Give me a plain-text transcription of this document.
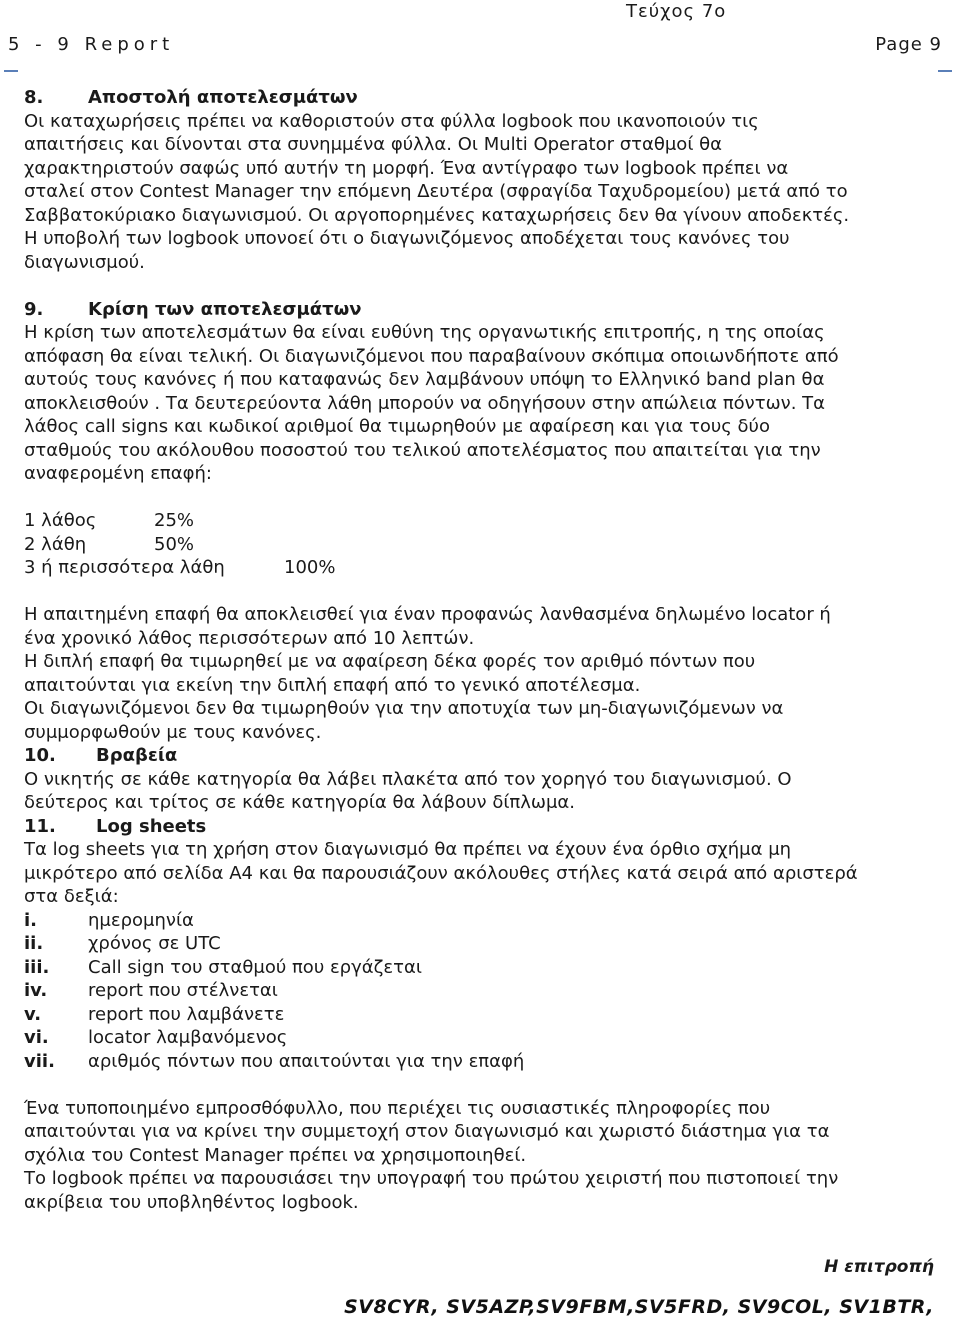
Τεύχος 7ο
5 - 9 Report	Page 9
8. Αποστολή αποτελεσμάτων

Οι καταχωρήσεις πρέπει να καθοριστούν στα φύλλα logbook που ικανοποιούν τις

απαιτήσεις και δίνονται στα συνημμένα φύλλα. Οι Multi Operator σταθμοί θα

χαρακτηριστούν σαφώς υπό αυτήν τη μορφή. Ένα αντίγραφο των logbook πρέπει να

σταλεί στον Contest Manager την επόμενη Δευτέρα (σφραγίδα Ταχυδρομείου) μετά από το

Σαββατοκύριακο διαγωνισμού. Οι αργοπορημένες καταχωρήσεις δεν θα γίνουν αποδεκτές.

Η υποβολή των logbook υπονοεί ότι ο διαγωνιζόμενος αποδέχεται τους κανόνες του

διαγωνισμού.

9. Κρίση των αποτελεσμάτων

Η κρίση των αποτελεσμάτων θα είναι ευθύνη της οργανωτικής επιτροπής, η της οποίας

απόφαση θα είναι τελική. Οι διαγωνιζόμενοι που παραβαίνουν σκόπιμα οποιωνδήποτε από

αυτούς τους κανόνες ή που καταφανώς δεν λαμβάνουν υπόψη το Ελληνικό band plan θα

αποκλεισθούν . Τα δευτερεύοντα λάθη μπορούν να οδηγήσουν στην απώλεια πόντων. Τα

λάθος call signs και κωδικοί αριθμοί θα τιμωρηθούν με αφαίρεση και για τους δύο

σταθμούς του ακόλουθου ποσοστού του τελικού αποτελέσματος που απαιτείται για την

αναφερομένη επαφή:

1 λάθος	25%
2 λάθη	50%
3 ή περισσότερα λάθη	100%

Η απαιτημένη επαφή θα αποκλεισθεί για έναν προφανώς λανθασμένα δηλωμένο locator ή

ένα χρονικό λάθος περισσότερων από 10 λεπτών.

Η διπλή επαφή θα τιμωρηθεί με να αφαίρεση δέκα φορές τον αριθμό πόντων που

απαιτούνται για εκείνη την διπλή επαφή από το γενικό αποτέλεσμα.

Οι διαγωνιζόμενοι δεν θα τιμωρηθούν για την αποτυχία των μη-διαγωνιζόμενων να

συμμορφωθούν με τους κανόνες.

10. Βραβεία

Ο νικητής σε κάθε κατηγορία θα λάβει πλακέτα από τον χορηγό του διαγωνισμού. Ο

δεύτερος και τρίτος σε κάθε κατηγορία θα λάβουν δίπλωμα.

11. Log sheets

Τα log sheets για τη χρήση στον διαγωνισμό θα πρέπει να έχουν ένα όρθιο σχήμα μη

μικρότερο από σελίδα A4 και θα παρουσιάζουν ακόλουθες στήλες κατά σειρά από αριστερά

στα δεξιά:

i.	ημερομηνία
ii.	χρόνος σε UTC
iii.	Call sign του σταθμού που εργάζεται
iv.	report που στέλνεται
v.	report που λαμβάνετε
vi.	locator λαμβανόμενος
vii.	αριθμός πόντων που απαιτούνται για την επαφή

Ένα τυποποιημένο εμπροσθόφυλλο, που περιέχει τις ουσιαστικές πληροφορίες που

απαιτούνται για να κρίνει την συμμετοχή στον διαγωνισμό και χωριστό διάστημα για τα

σχόλια του Contest Manager πρέπει να χρησιμοποιηθεί.

Το logbook πρέπει να παρουσιάσει την υπογραφή του πρώτου χειριστή που πιστοποιεί την

ακρίβεια του υποβληθέντος logbook.

Η επιτροπή
SV8CYR, SV5AZP,SV9FBM,SV5FRD, SV9COL, SV1BTR,
